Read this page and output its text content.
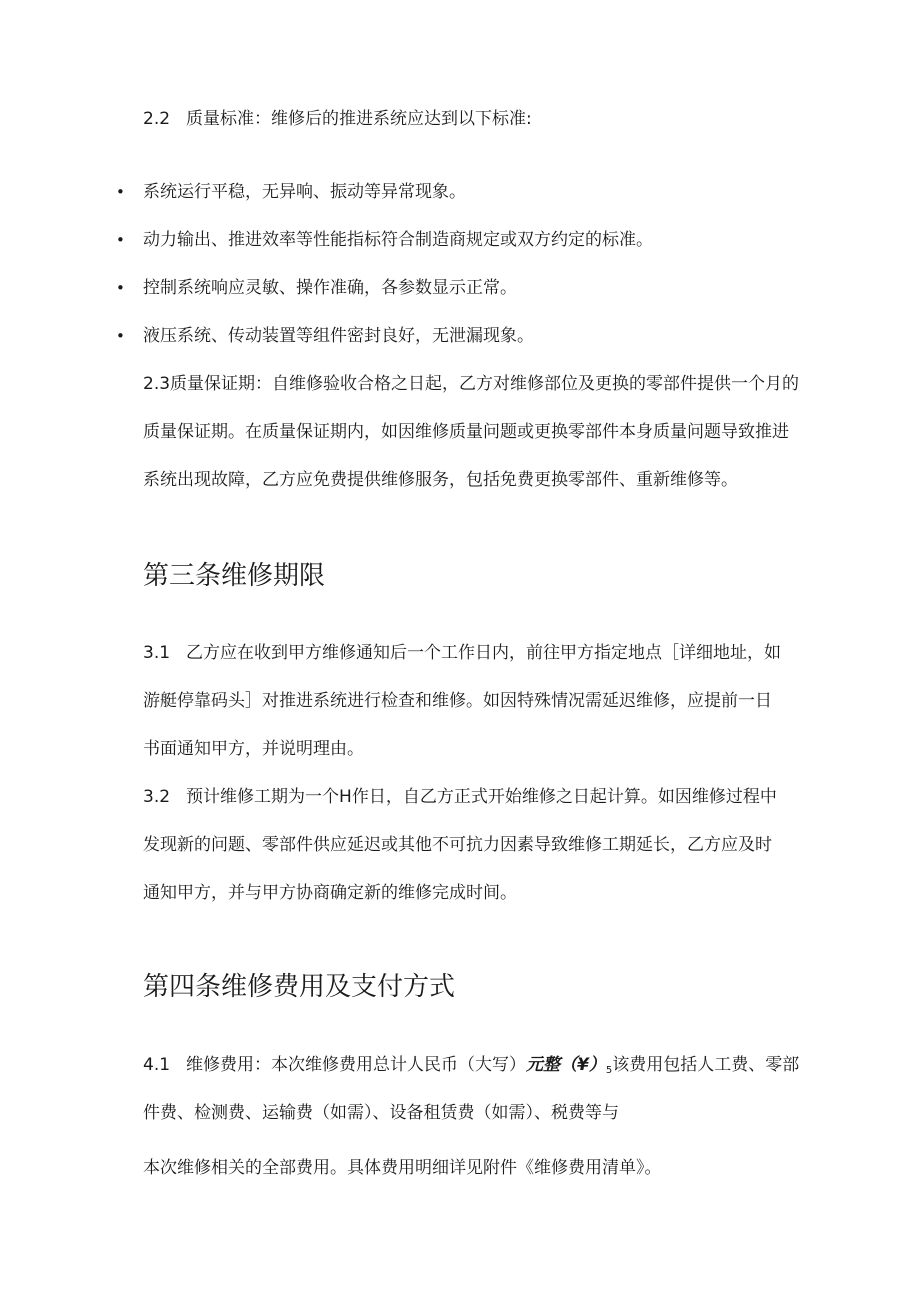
2.2 质量标准：维修后的推进系统应达到以下标准:
• 系统运行平稳，无异响、振动等异常现象。
• 动力输出、推进效率等性能指标符合制造商规定或双方约定的标准。
• 控制系统响应灵敏、操作准确，各参数显示正常。
• 液压系统、传动装置等组件密封良好，无泄漏现象。
2.3质量保证期：自维修验收合格之日起，乙方对维修部位及更换的零部件提供一个月的
质量保证期。在质量保证期内，如因维修质量问题或更换零部件本身质量问题导致推进
系统出现故障，乙方应免费提供维修服务，包括免费更换零部件、重新维修等。
第三条维修期限
3.1 乙方应在收到甲方维修通知后一个工作日内，前往甲方指定地点［详细地址，如
游艇停靠码头］对推进系统进行检查和维修。如因特殊情况需延迟维修，应提前一日
书面通知甲方，并说明理由。
3.2 预计维修工期为一个H作日，自乙方正式开始维修之日起计算。如因维修过程中
发现新的问题、零部件供应延迟或其他不可抗力因素导致维修工期延长，乙方应及时
通知甲方，并与甲方协商确定新的维修完成时间。
第四条维修费用及支付方式
4.1 维修费用：本次维修费用总计人民币（大写）元整（¥）5该费用包括人工费、零部
件费、检测费、运输费（如需）、设备租赁费（如需）、税费等与
本次维修相关的全部费用。具体费用明细详见附件《维修费用清单》。
